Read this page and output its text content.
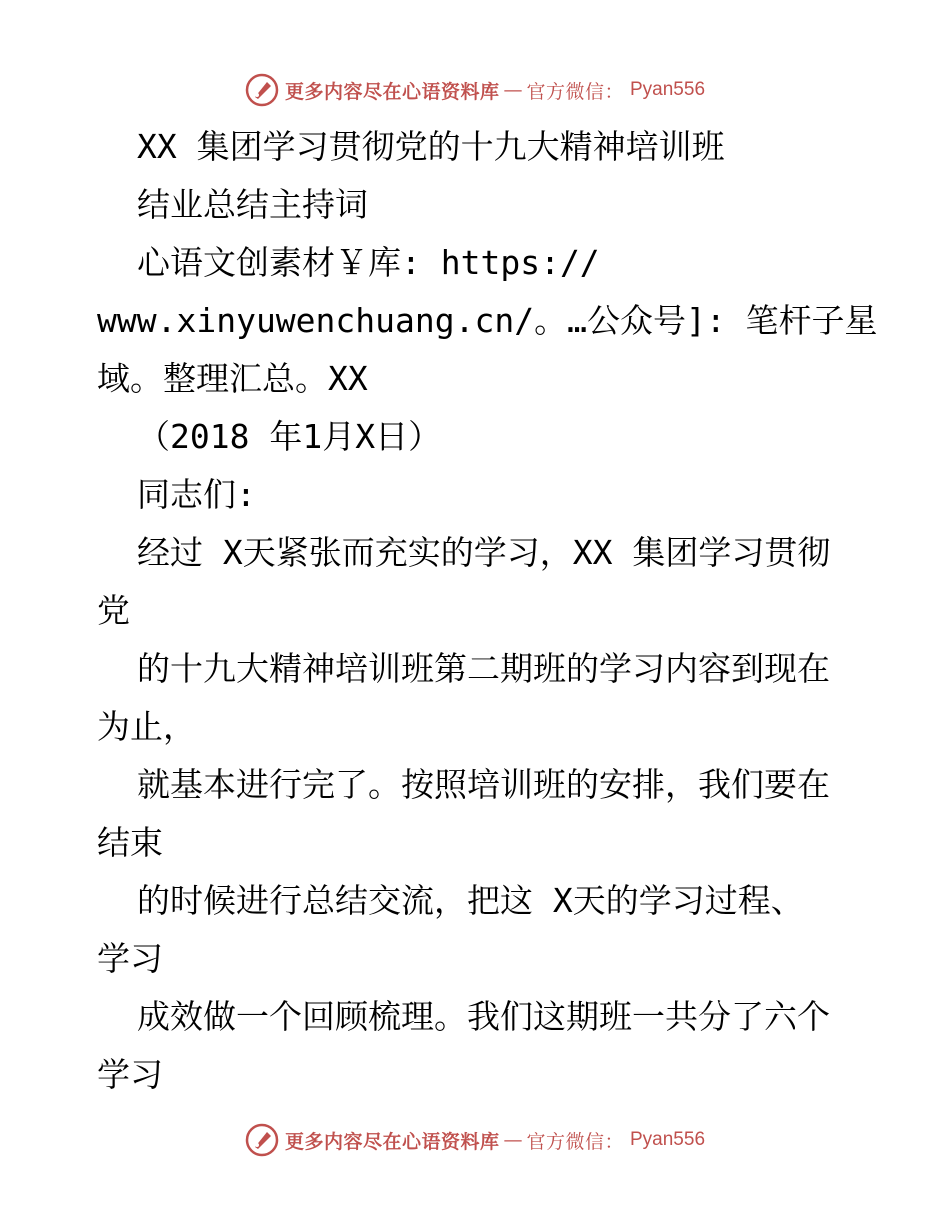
更多内容尽在心语资料库 — 官方微信： Pyan556
XX 集团学习贯彻党的十九大精神培训班
结业总结主持词
心语文创素材￥库: https://
www.xinyuwenchuang.cn/。…公众号]: 笔杆子星
域。整理汇总。XX
（2018 年1月X日）
同志们:
经过 X天紧张而充实的学习，XX 集团学习贯彻
党
的十九大精神培训班第二期班的学习内容到现在
为止，
就基本进行完了。按照培训班的安排，我们要在
结束
的时候进行总结交流，把这 X天的学习过程、
学习
成效做一个回顾梳理。我们这期班一共分了六个
学习
更多内容尽在心语资料库 — 官方微信： Pyan556
